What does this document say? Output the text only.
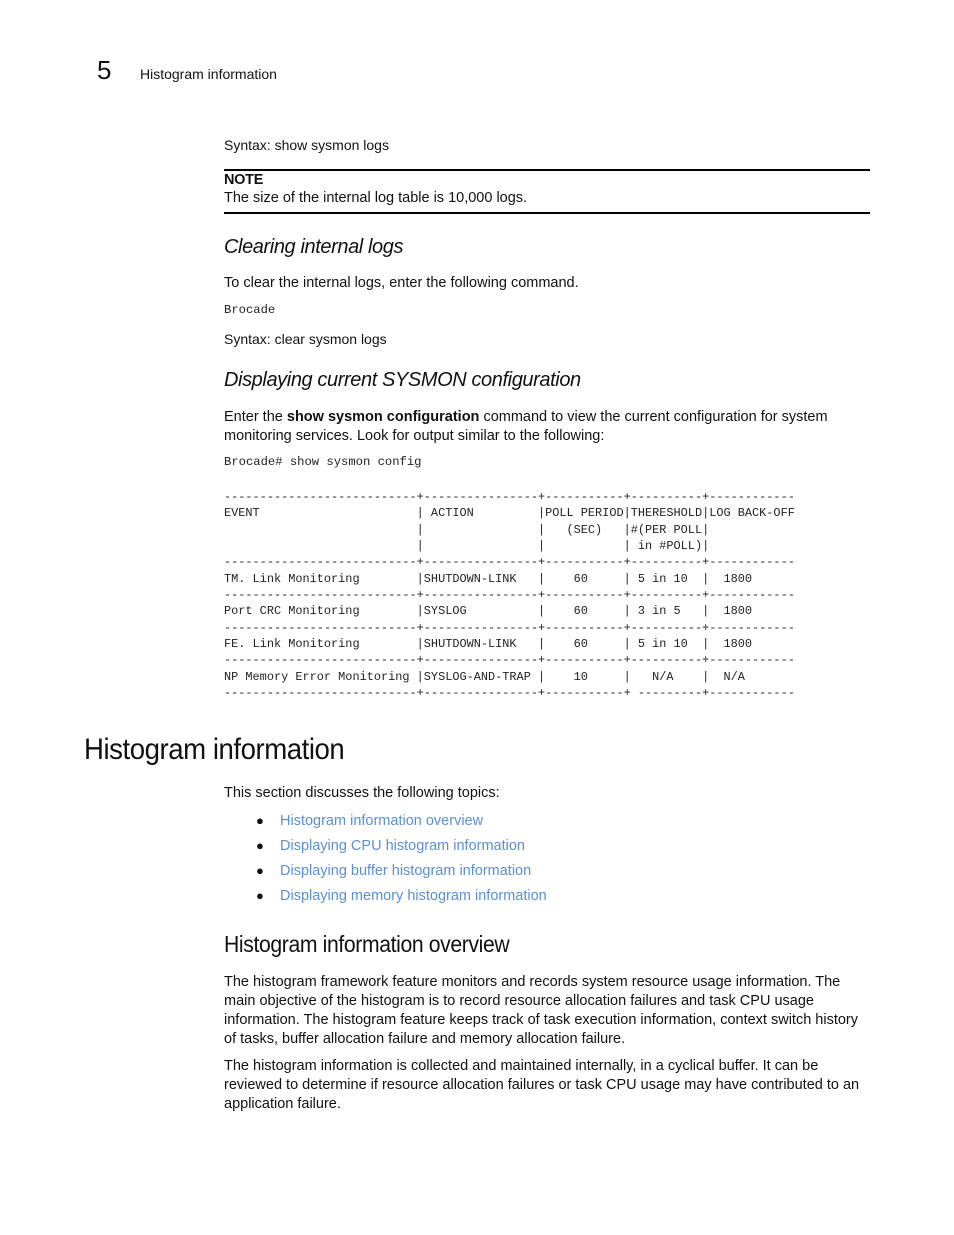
5 Histogram information
Syntax: show sysmon logs
NOTE
The size of the internal log table is 10,000 logs.
Clearing internal logs
To clear the internal logs, enter the following command.
Brocade
Syntax: clear sysmon logs
Displaying current SYSMON configuration
Enter the show sysmon configuration command to view the current configuration for system monitoring services. Look for output similar to the following:
Brocade# show sysmon config
---------------------------+----------------+-----------+----------+------------
EVENT                      | ACTION         |POLL PERIOD|THERESHOLD|LOG BACK-OFF
|                |   (SEC)   |#(PER POLL|
|                |           | in #POLL)|
---------------------------+----------------+-----------+----------+------------
TM. Link Monitoring        |SHUTDOWN-LINK   |    60     | 5 in 10  |  1800
---------------------------+----------------+-----------+----------+------------
Port CRC Monitoring        |SYSLOG          |    60     | 3 in 5   |  1800
---------------------------+----------------+-----------+----------+------------
FE. Link Monitoring        |SHUTDOWN-LINK   |    60     | 5 in 10  |  1800
---------------------------+----------------+-----------+----------+------------
NP Memory Error Monitoring |SYSLOG-AND-TRAP |    10     |   N/A    |  N/A
---------------------------+----------------+-----------+ ---------+------------
Histogram information
This section discusses the following topics:
● Histogram information overview
● Displaying CPU histogram information
● Displaying buffer histogram information
● Displaying memory histogram information
Histogram information overview
The histogram framework feature monitors and records system resource usage information. The main objective of the histogram is to record resource allocation failures and task CPU usage information. The histogram feature keeps track of task execution information, context switch history of tasks, buffer allocation failure and memory allocation failure.
The histogram information is collected and maintained internally, in a cyclical buffer. It can be reviewed to determine if resource allocation failures or task CPU usage may have contributed to an application failure.
